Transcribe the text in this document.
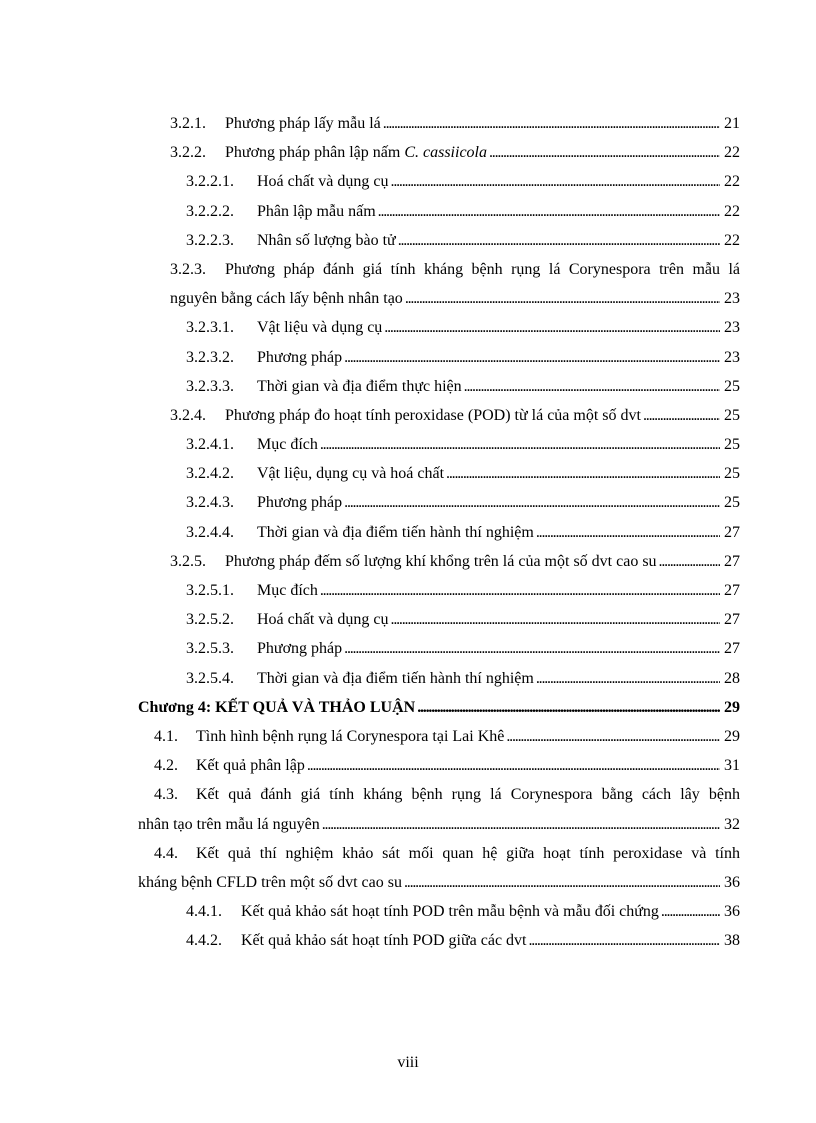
3.2.1.	Phương pháp lấy mẫu lá . . .	21
3.2.2.	Phương pháp phân lập nấm C. cassiicola . . .	22
3.2.2.1.	Hoá chất và dụng cụ . . .	22
3.2.2.2.	Phân lập mẫu nấm . . .	22
3.2.2.3.	Nhân số lượng bào tử . . .	22
3.2.3.	Phương pháp đánh giá tính kháng bệnh rụng lá Corynespora trên mẫu lá
nguyên bằng cách lấy bệnh nhân tạo . . .	23
3.2.3.1.	Vật liệu và dụng cụ . . .	23
3.2.3.2.	Phương pháp . . .	23
3.2.3.3.	Thời gian và địa điểm thực hiện . . .	25
3.2.4.	Phương pháp đo hoạt tính peroxidase (POD) từ lá của một số dvt . . .	25
3.2.4.1.	Mục đích . . .	25
3.2.4.2.	Vật liệu, dụng cụ và hoá chất . . .	25
3.2.4.3.	Phương pháp . . .	25
3.2.4.4.	Thời gian và địa điểm tiến hành thí nghiệm . . .	27
3.2.5.	Phương pháp đếm số lượng khí khổng trên lá của một số dvt cao su . . .	27
3.2.5.1.	Mục đích . . .	27
3.2.5.2.	Hoá chất và dụng cụ . . .	27
3.2.5.3.	Phương pháp . . .	27
3.2.5.4.	Thời gian và địa điểm tiến hành thí nghiệm . . .	28
Chương 4: KẾT QUẢ VÀ THẢO LUẬN . . .	29
4.1.	Tình hình bệnh rụng lá Corynespora tại Lai Khê . . .	29
4.2.	Kết quả phân lập . . .	31
4.3.	Kết quả đánh giá tính kháng bệnh rụng lá Corynespora bằng cách lây bệnh
nhân tạo trên mẫu lá nguyên . . .	32
4.4.	Kết quả thí nghiệm khảo sát mối quan hệ giữa hoạt tính peroxidase và tính
kháng bệnh CFLD trên một số dvt cao su . . .	36
4.4.1.	Kết quả khảo sát hoạt tính POD trên mẫu bệnh và mẫu đối chứng . . .	36
4.4.2.	Kết quả khảo sát hoạt tính POD giữa các dvt . . .	38
viii
